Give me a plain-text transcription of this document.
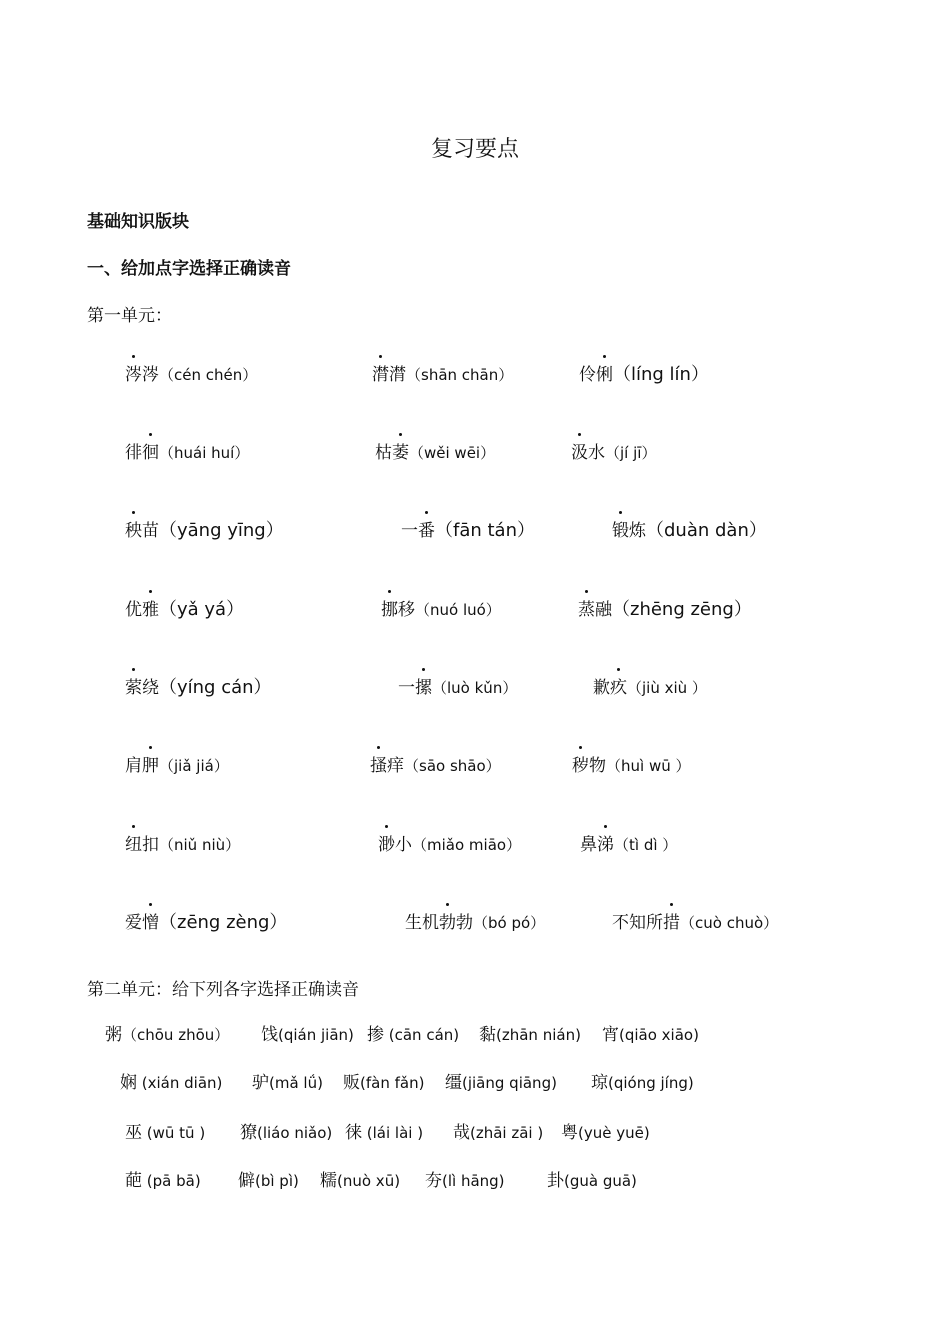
复习要点
基础知识版块
一、给加点字选择正确读音
第一单元：
涔涔（cén chén）	潸潸（shān chān）	伶俐（líng lín）
徘徊（huái huí）	枯萎（wěi wēi）	汲水（jí jī）
秧苗（yāng yīng）	一番（fān tán）	锻炼（duàn dàn）
优雅（yǎ yá）	挪移（nuó luó）	蒸融（zhēng zēng）
萦绕（yíng cán）	一摞（luò kǔn）	歉疚（jiù xiù ）
肩胛（jiǎ jiá）	搔痒（sāo shāo）	秽物（huì wū ）
纽扣（niǔ niù）	渺小（miǎo miāo）	鼻涕（tì dì ）
爱憎（zēng zèng）	生机勃勃（bó pó）	不知所措（cuò chuò）
第二单元：给下列各字选择正确读音
粥（chōu zhōu） 饯(qián jiān) 掺 (cān cán) 黏(zhān nián) 宵(qiāo xiāo)
娴 (xián diān) 驴(mǎ lǘ) 贩(fàn fǎn) 缰(jiāng qiāng) 琼(qióng jíng)
巫 (wū tū ) 獠(liáo niǎo) 徕 (lái lài ) 哉(zhāi zāi ) 粤(yuè yuē)
葩 (pā bā) 僻(bì pì) 糯(nuò xū) 夯(lì hāng) 卦(guà guā)
